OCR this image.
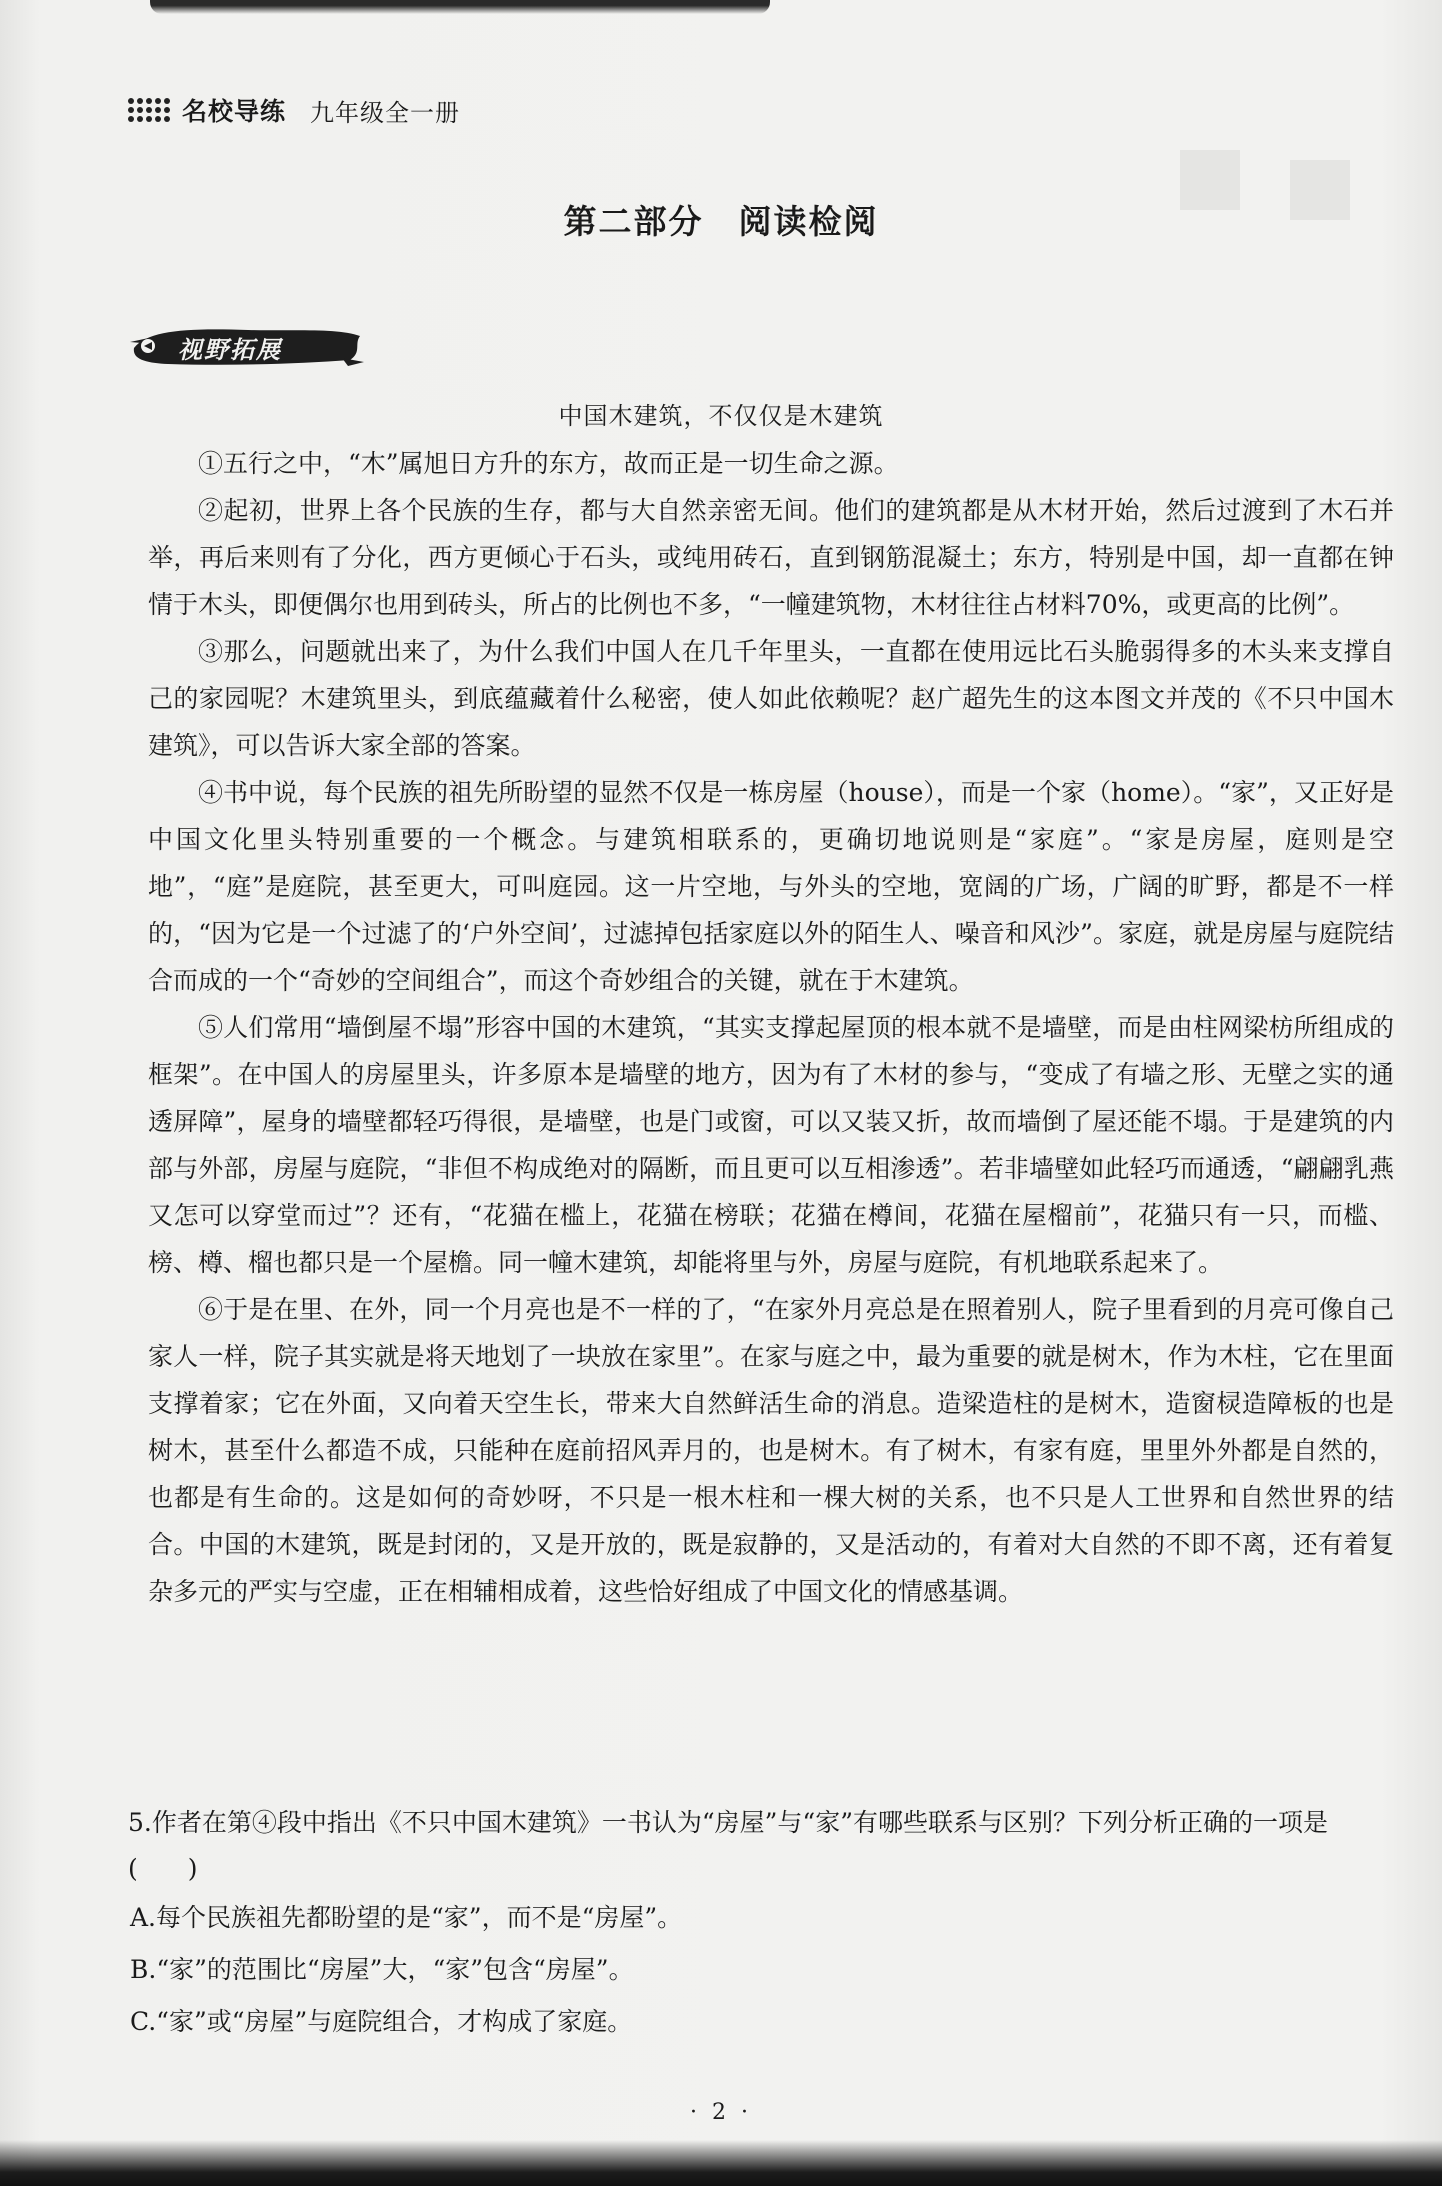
名校导练 九年级全一册
第二部分　阅读检阅
视野拓展
中国木建筑，不仅仅是木建筑

①五行之中，“木”属旭日方升的东方，故而正是一切生命之源。

②起初，世界上各个民族的生存，都与大自然亲密无间。他们的建筑都是从木材开始，然后过渡到了木石并举，再后来则有了分化，西方更倾心于石头，或纯用砖石，直到钢筋混凝土；东方，特别是中国，却一直都在钟情于木头，即便偶尔也用到砖头，所占的比例也不多，“一幢建筑物，木材往往占材料70%，或更高的比例”。

③那么，问题就出来了，为什么我们中国人在几千年里头，一直都在使用远比石头脆弱得多的木头来支撑自己的家园呢？木建筑里头，到底蕴藏着什么秘密，使人如此依赖呢？赵广超先生的这本图文并茂的《不只中国木建筑》，可以告诉大家全部的答案。

④书中说，每个民族的祖先所盼望的显然不仅是一栋房屋（house），而是一个家（home）。“家”，又正好是中国文化里头特别重要的一个概念。与建筑相联系的，更确切地说则是“家庭”。“家是房屋，庭则是空地”，“庭”是庭院，甚至更大，可叫庭园。这一片空地，与外头的空地，宽阔的广场，广阔的旷野，都是不一样的，“因为它是一个过滤了的‘户外空间’，过滤掉包括家庭以外的陌生人、噪音和风沙”。家庭，就是房屋与庭院结合而成的一个“奇妙的空间组合”，而这个奇妙组合的关键，就在于木建筑。

⑤人们常用“墙倒屋不塌”形容中国的木建筑，“其实支撑起屋顶的根本就不是墙壁，而是由柱网梁枋所组成的框架”。在中国人的房屋里头，许多原本是墙壁的地方，因为有了木材的参与，“变成了有墙之形、无壁之实的通透屏障”，屋身的墙壁都轻巧得很，是墙壁，也是门或窗，可以又装又折，故而墙倒了屋还能不塌。于是建筑的内部与外部，房屋与庭院，“非但不构成绝对的隔断，而且更可以互相渗透”。若非墙壁如此轻巧而通透，“翩翩乳燕又怎可以穿堂而过”？还有，“花猫在槛上，花猫在榜联；花猫在樽间，花猫在屋榴前”，花猫只有一只，而槛、榜、樽、榴也都只是一个屋檐。同一幢木建筑，却能将里与外，房屋与庭院，有机地联系起来了。

⑥于是在里、在外，同一个月亮也是不一样的了，“在家外月亮总是在照着别人，院子里看到的月亮可像自己家人一样，院子其实就是将天地划了一块放在家里”。在家与庭之中，最为重要的就是树木，作为木柱，它在里面支撑着家；它在外面，又向着天空生长，带来大自然鲜活生命的消息。造梁造柱的是树木，造窗棂造障板的也是树木，甚至什么都造不成，只能种在庭前招风弄月的，也是树木。有了树木，有家有庭，里里外外都是自然的，也都是有生命的。这是如何的奇妙呀，不只是一根木柱和一棵大树的关系，也不只是人工世界和自然世界的结合。中国的木建筑，既是封闭的，又是开放的，既是寂静的，又是活动的，有着对大自然的不即不离，还有着复杂多元的严实与空虚，正在相辅相成着，这些恰好组成了中国文化的情感基调。

5.作者在第④段中指出《不只中国木建筑》一书认为“房屋”与“家”有哪些联系与区别？下列分析正确的一项是(　　)

A.每个民族祖先都盼望的是“家”，而不是“房屋”。

B.“家”的范围比“房屋”大，“家”包含“房屋”。

C.“家”或“房屋”与庭院组合，才构成了家庭。

· 2 ·
